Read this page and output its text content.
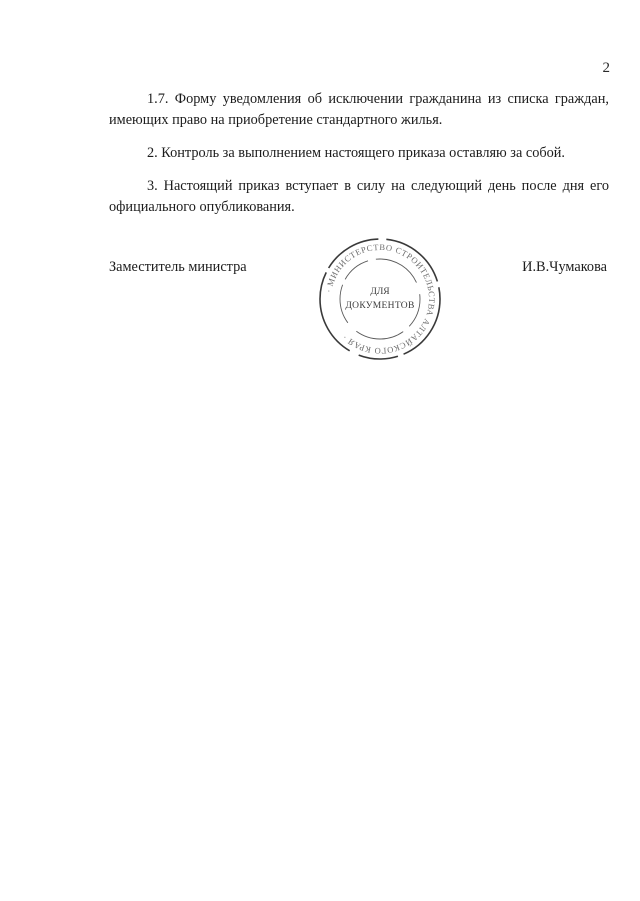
2

1.7. Форму уведомления об исключении гражданина из списка граждан, имеющих право на приобретение стандартного жилья.

2. Контроль за выполнением настоящего приказа оставляю за собой.

3. Настоящий приказ вступает в силу на следующий день после дня его официального опубликования.

Заместитель министра
· МИНИСТЕРСТВО СТРОИТЕЛЬСТВА АЛТАЙСКОГО КРАЯ ·
ДЛЯ
ДОКУМЕНТОВ
И.В.Чумакова
